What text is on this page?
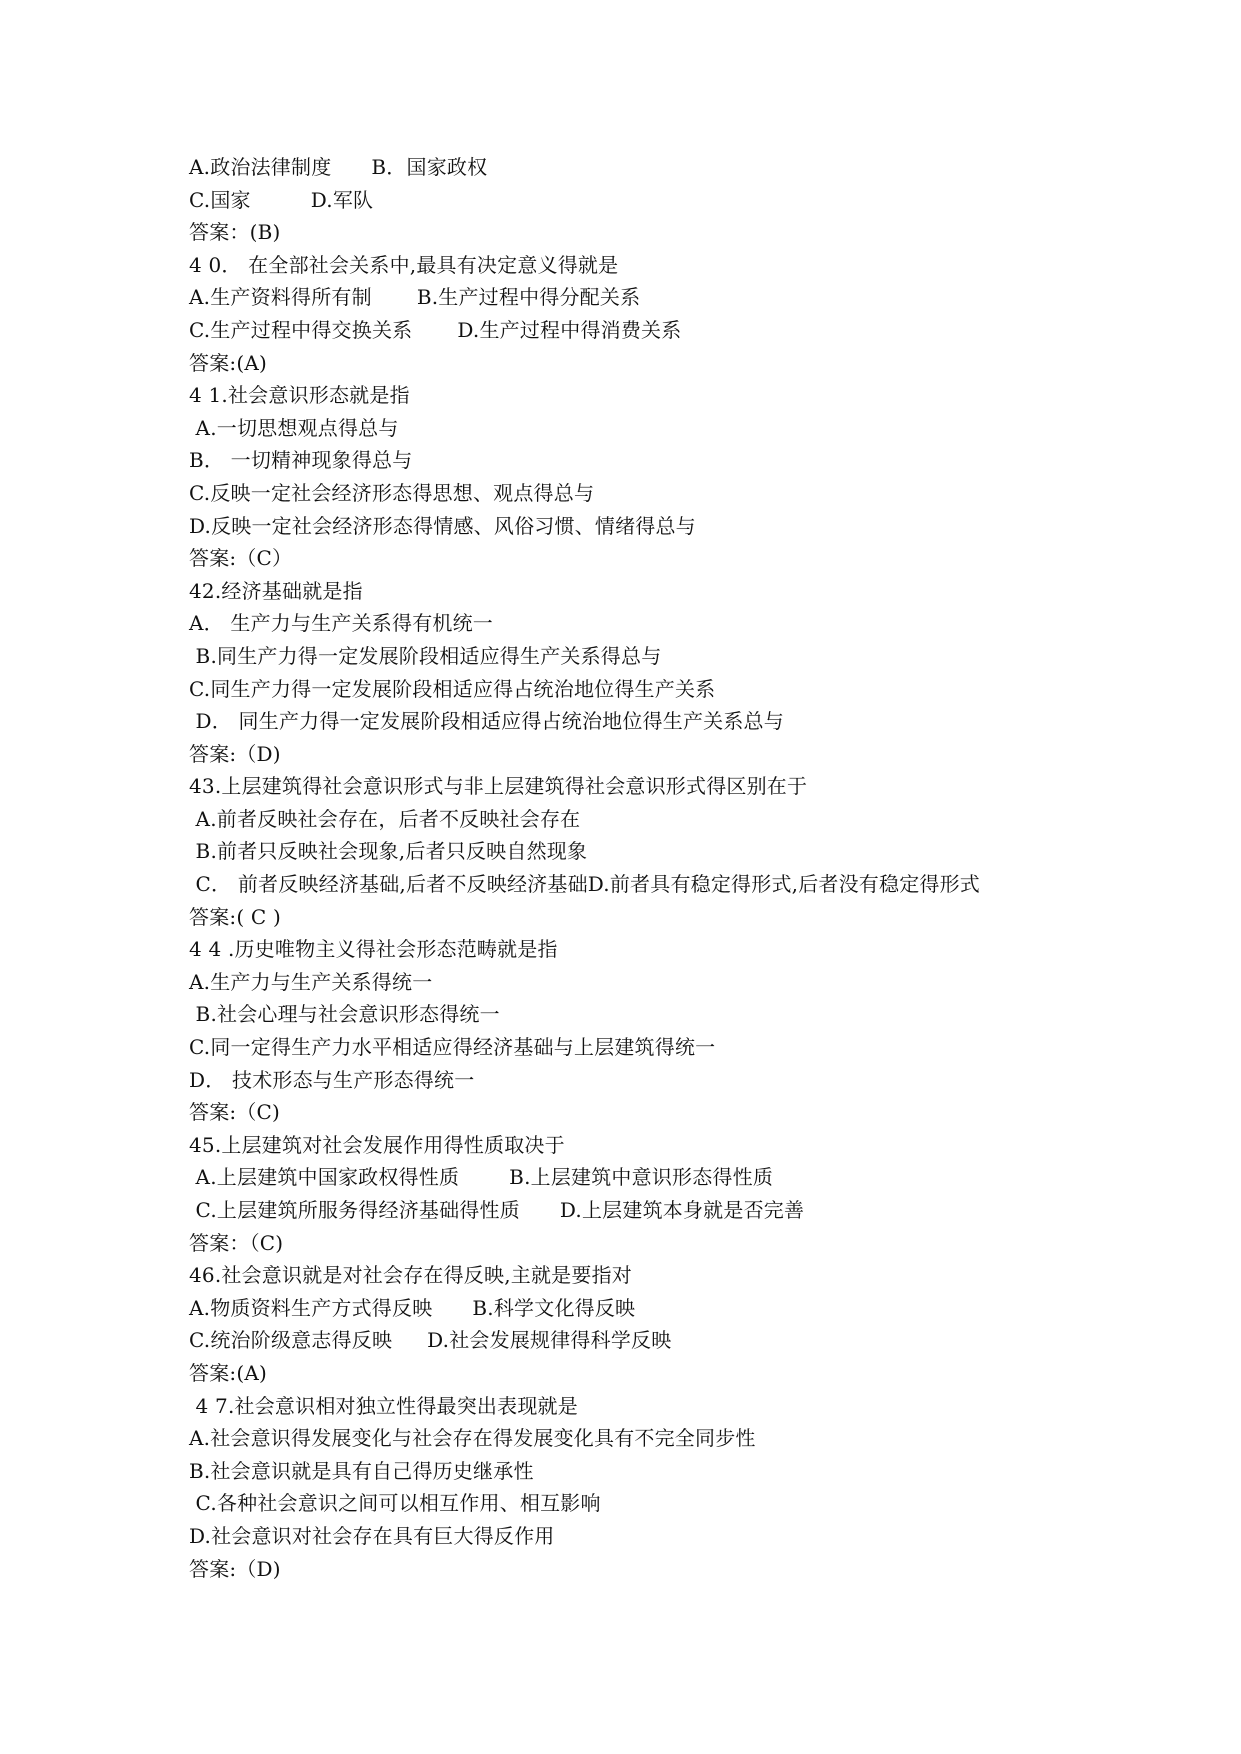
A.政治法律制度 B．国家政权
C.国家	D.军队
答案：(B)
4 0． 在全部社会关系中,最具有决定意义得就是
A.生产资料得所有制 B.生产过程中得分配关系
C.生产过程中得交换关系 D.生产过程中得消费关系
答案:(A)
4 1.社会意识形态就是指
A.一切思想观点得总与
B． 一切精神现象得总与
C.反映一定社会经济形态得思想、观点得总与
D.反映一定社会经济形态得情感、风俗习惯、情绪得总与
答案:（C）
42.经济基础就是指
A． 生产力与生产关系得有机统一
B.同生产力得一定发展阶段相适应得生产关系得总与
C.同生产力得一定发展阶段相适应得占统治地位得生产关系
D． 同生产力得一定发展阶段相适应得占统治地位得生产关系总与
答案:（D)
43.上层建筑得社会意识形式与非上层建筑得社会意识形式得区别在于
A.前者反映社会存在，后者不反映社会存在
B.前者只反映社会现象,后者只反映自然现象
C． 前者反映经济基础,后者不反映经济基础D.前者具有稳定得形式,后者没有稳定得形式
答案:( C )
4 4 .历史唯物主义得社会形态范畴就是指
A.生产力与生产关系得统一
B.社会心理与社会意识形态得统一
C.同一定得生产力水平相适应得经济基础与上层建筑得统一
D． 技术形态与生产形态得统一
答案:（C)
45.上层建筑对社会发展作用得性质取决于
A.上层建筑中国家政权得性质	B.上层建筑中意识形态得性质
C.上层建筑所服务得经济基础得性质 D.上层建筑本身就是否完善
答案：（C)
46.社会意识就是对社会存在得反映,主就是要指对
A.物质资料生产方式得反映 B.科学文化得反映
C.统治阶级意志得反映 D.社会发展规律得科学反映
答案:(A)
4 7.社会意识相对独立性得最突出表现就是
A.社会意识得发展变化与社会存在得发展变化具有不完全同步性
B.社会意识就是具有自己得历史继承性
C.各种社会意识之间可以相互作用、相互影响
D.社会意识对社会存在具有巨大得反作用
答案:（D)
